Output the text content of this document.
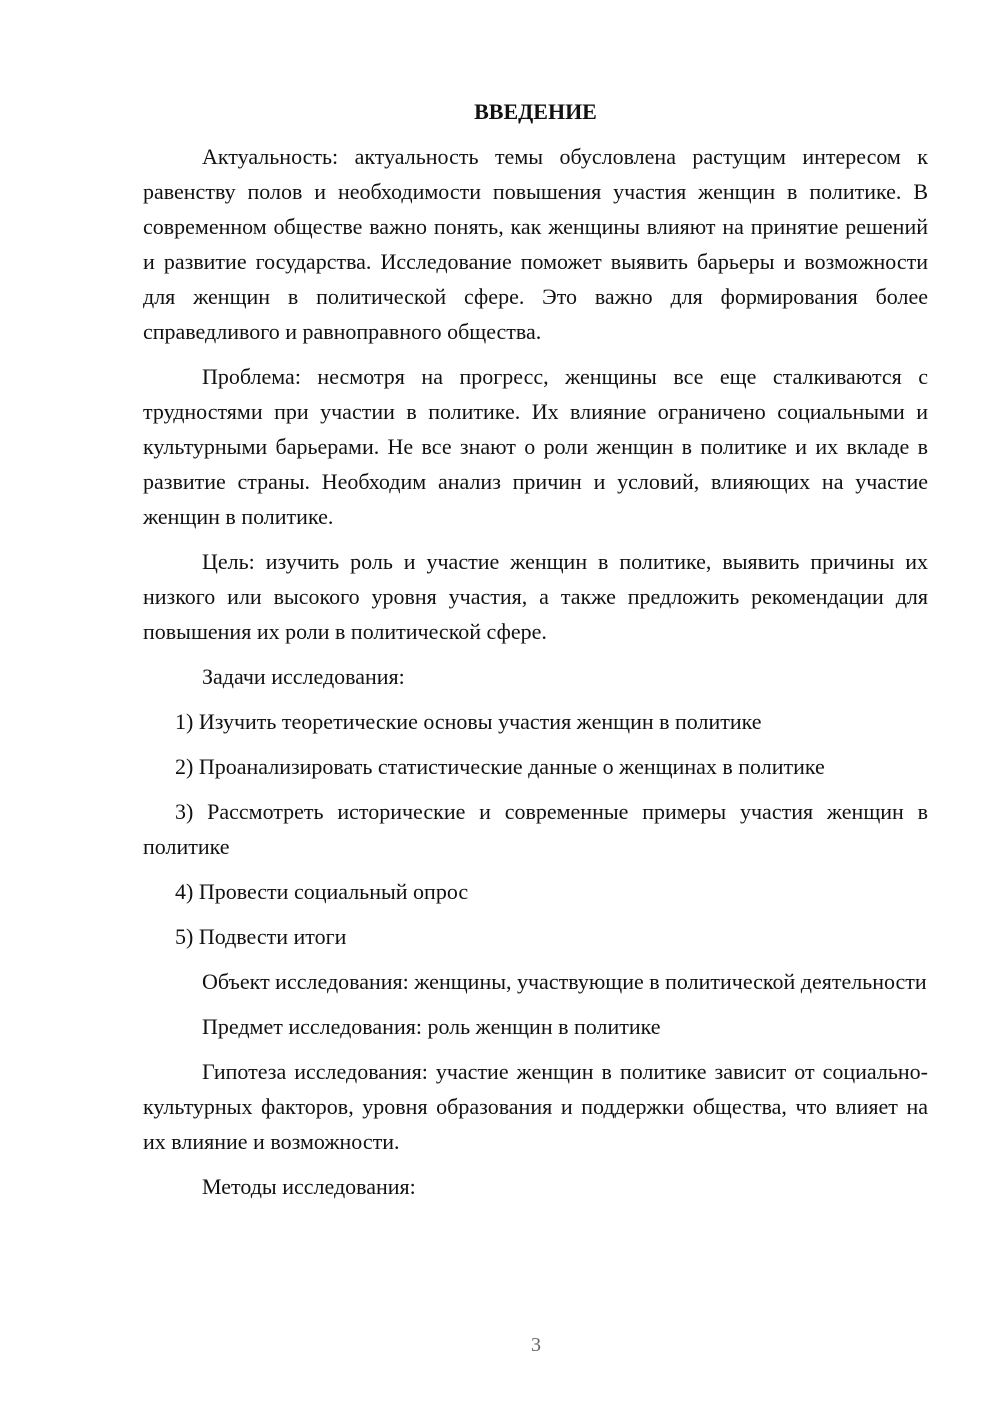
ВВЕДЕНИЕ

Актуальность: актуальность темы обусловлена растущим интересом к равенству полов и необходимости повышения участия женщин в политике. В современном обществе важно понять, как женщины влияют на принятие решений и развитие государства. Исследование поможет выявить барьеры и возможности для женщин в политической сфере. Это важно для формирования более справедливого и равноправного общества.

Проблема: несмотря на прогресс, женщины все еще сталкиваются с трудностями при участии в политике. Их влияние ограничено социальными и культурными барьерами. Не все знают о роли женщин в политике и их вкладе в развитие страны. Необходим анализ причин и условий, влияющих на участие женщин в политике.

Цель: изучить роль и участие женщин в политике, выявить причины их низкого или высокого уровня участия, а также предложить рекомендации для повышения их роли в политической сфере.

Задачи исследования:

1) Изучить теоретические основы участия женщин в политике

2) Проанализировать статистические данные о женщинах в политике

3) Рассмотреть исторические и современные примеры участия женщин в политике

4) Провести социальный опрос

5) Подвести итоги

Объект исследования: женщины, участвующие в политической деятельности

Предмет исследования: роль женщин в политике

Гипотеза исследования: участие женщин в политике зависит от социально-культурных факторов, уровня образования и поддержки общества, что влияет на их влияние и возможности.

Методы исследования:

3
